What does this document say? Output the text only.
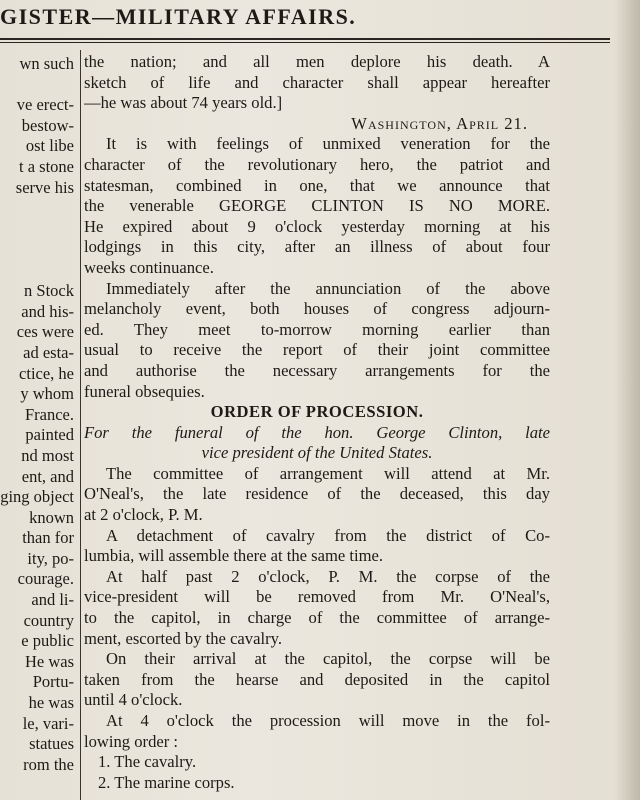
GISTER—MILITARY AFFAIRS.
wn such

ve erect-
bestow-
ost libe
t a stone
serve his
n Stock
and his-
ces were
ad esta-
ctice, he
y whom
France.
painted
nd most
ent, and
ging object
known
than for
ity, po-
courage.
and li-
country
e public
He was
Portu-
he was
le, vari-
statues
rom the
the nation; and all men deplore his death. A
sketch of life and character shall appear hereafter
—he was about 74 years old.]
Washington, April 21.
It is with feelings of unmixed veneration for the
character of the revolutionary hero, the patriot and
statesman, combined in one, that we announce that
the venerable GEORGE CLINTON IS NO MORE.
He expired about 9 o'clock yesterday morning at his
lodgings in this city, after an illness of about four
weeks continuance.
Immediately after the annunciation of the above
melancholy event, both houses of congress adjourn-
ed. They meet to-morrow morning earlier than
usual to receive the report of their joint committee
and authorise the necessary arrangements for the
funeral obsequies.
ORDER OF PROCESSION.
For the funeral of the hon. George Clinton, late
vice president of the United States.
The committee of arrangement will attend at Mr.
O'Neal's, the late residence of the deceased, this day
at 2 o'clock, P. M.
A detachment of cavalry from the district of Co-
lumbia, will assemble there at the same time.
At half past 2 o'clock, P. M. the corpse of the
vice-president will be removed from Mr. O'Neal's,
to the capitol, in charge of the committee of arrange-
ment, escorted by the cavalry.
On their arrival at the capitol, the corpse will be
taken from the hearse and deposited in the capitol
until 4 o'clock.
At 4 o'clock the procession will move in the fol-
lowing order :
1. The cavalry.
2. The marine corps.
